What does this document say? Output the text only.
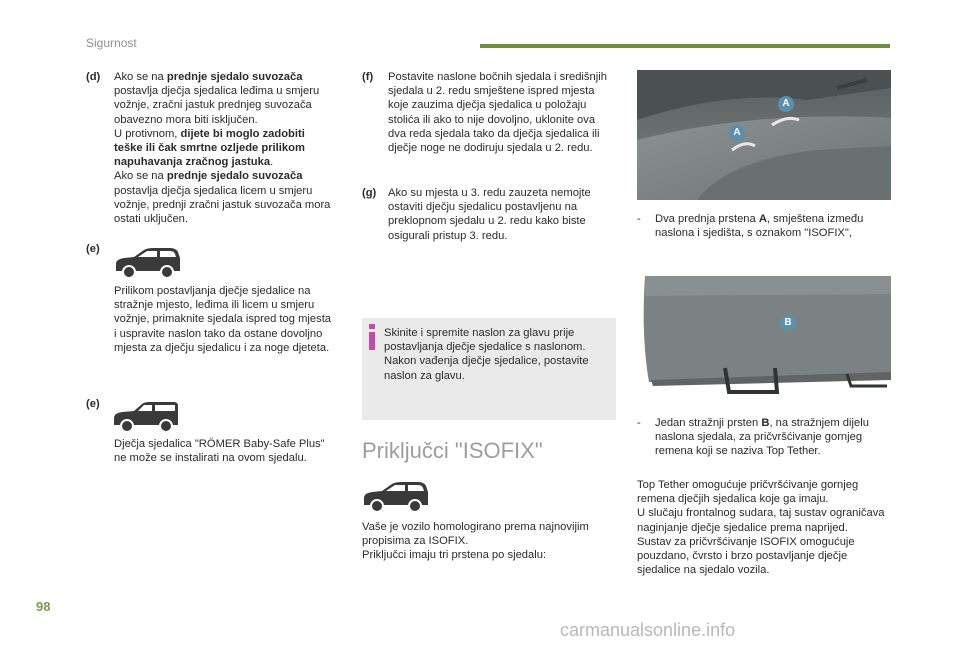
Sigurnost
(d) Ako se na prednje sjedalo suvozača postavlja dječja sjedalica leđima u smjeru vožnje, zračni jastuk prednjeg suvozača obavezno mora biti isključen.
U protivnom, dijete bi moglo zadobiti teške ili čak smrtne ozljede prilikom napuhavanja zračnog jastuka.
Ako se na prednje sjedalo suvozača postavlja dječja sjedalica licem u smjeru vožnje, prednji zračni jastuk suvozača mora ostati uključen.
(e)
Prilikom postavljanja dječje sjedalice na stražnje mjesto, leđima ili licem u smjeru vožnje, primaknite sjedala ispred tog mjesta i uspravite naslon tako da ostane dovoljno mjesta za dječju sjedalicu i za noge djeteta.
(e)
Dječja sjedalica "RÖMER Baby-Safe Plus" ne može se instalirati na ovom sjedalu.
(f) Postavite naslone bočnih sjedala i središnjih sjedala u 2. redu smještene ispred mjesta koje zauzima dječja sjedalica u položaju stolića ili ako to nije dovoljno, uklonite ova dva reda sjedala tako da dječja sjedalica ili dječje noge ne dodiruju sjedala u 2. redu.
(g) Ako su mjesta u 3. redu zauzeta nemojte ostaviti dječju sjedalicu postavljenu na preklopnom sjedalu u 2. redu kako biste osigurali pristup 3. redu.
Skinite i spremite naslon za glavu prije postavljanja dječje sjedalice s naslonom. Nakon vađenja dječje sjedalice, postavite naslon za glavu.
Priključci "ISOFIX"
Vaše je vozilo homologirano prema najnovijim propisima za ISOFIX.
Priključci imaju tri prstena po sjedalu:
A
A
-	Dva prednja prstena A, smještena između naslona i sjedišta, s oznakom "ISOFIX",
B
-	Jedan stražnji prsten B, na stražnjem dijelu naslona sjedala, za pričvršćivanje gornjeg remena koji se naziva Top Tether.
Top Tether omogućuje pričvršćivanje gornjeg remena dječjih sjedalica koje ga imaju.
U slučaju frontalnog sudara, taj sustav ograničava naginjanje dječje sjedalice prema naprijed.
Sustav za pričvršćivanje ISOFIX omogućuje pouzdano, čvrsto i brzo postavljanje dječje sjedalice na sjedalo vozila.
98
carmanualsonline.info
